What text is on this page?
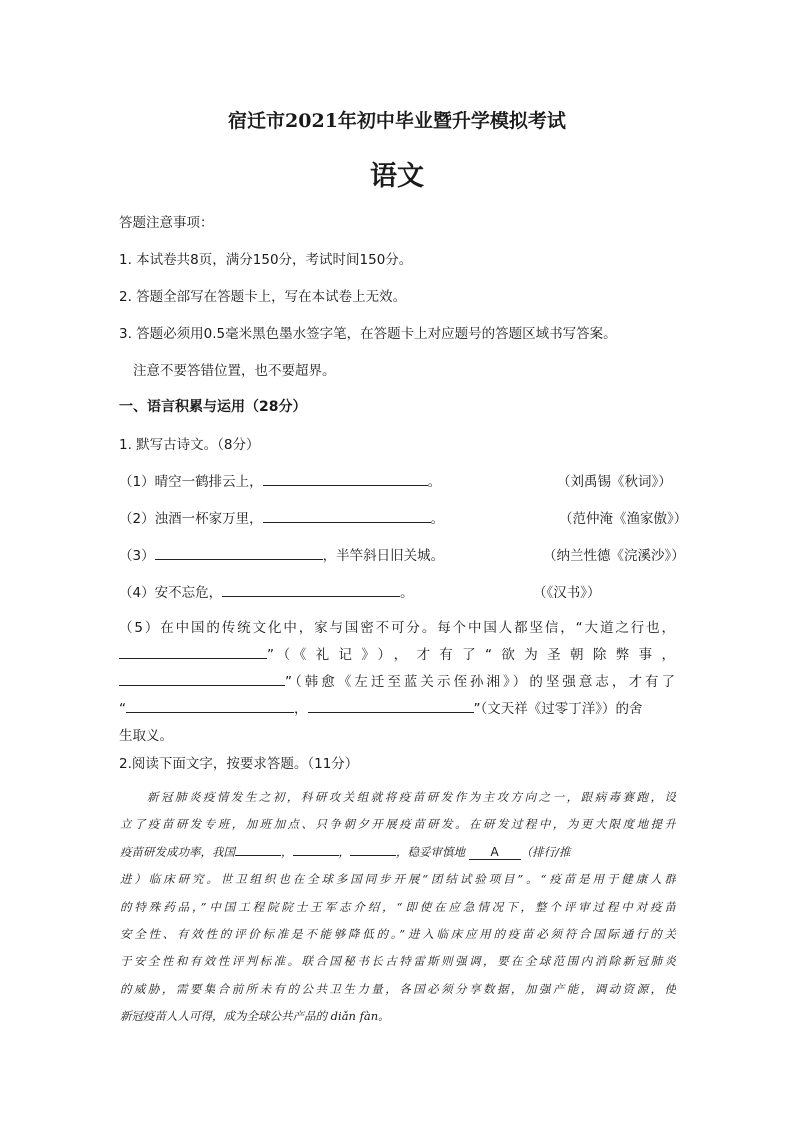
宿迁市2021年初中毕业暨升学模拟考试
语文
答题注意事项：
1. 本试卷共8页，满分150分，考试时间150分。
2. 答题全部写在答题卡上，写在本试卷上无效。
3. 答题必须用0.5毫米黑色墨水签字笔，在答题卡上对应题号的答题区域书写答案。
注意不要答错位置，也不要超界。
一、语言积累与运用（28分）
1. 默写古诗文。（8分）
（1）晴空一鹤排云上，	。	（刘禹锡《秋词》）
（2）浊酒一杯家万里，	。	（范仲淹《渔家傲》）
（3）	，半竿斜日旧关城。	（纳兰性德《浣溪沙》）
（4）安不忘危，	。	（《汉书》）
（5）在中国的传统文化中，家与国密不可分。每个中国人都坚信，“大道之行也，
”（《礼记》），才有了“欲为圣朝除弊事，
”（韩愈《左迁至蓝关示侄孙湘》）的坚强意志，才有了
“	，	”（文天祥《过零丁洋》）的舍
生取义。
2.阅读下面文字，按要求答题。（11分）
新冠肺炎疫情发生之初，科研攻关组就将疫苗研发作为主攻方向之一，跟病毒赛跑，设
立了疫苗研发专班，加班加点、只争朝夕开展疫苗研发。在研发过程中，为更大限度地提升
疫苗研发成功率，我国	，	，	，稳妥审慎地 A （排行/推
进）临床研究。世卫组织也在全球多国同步开展“团结试验项目”。“疫苗是用于健康人群
的特殊药品，”中国工程院院士王军志介绍，“即使在应急情况下，整个评审过程中对疫苗
安全性、有效性的评价标准是不能够降低的。”进入临床应用的疫苗必须符合国际通行的关
于安全性和有效性评判标准。联合国秘书长古特雷斯则强调，要在全球范围内消除新冠肺炎
的威胁，需要集合前所未有的公共卫生力量，各国必须分享数据，加强产能，调动资源，使
新冠疫苗人人可得，成为全球公共产品的 diǎn fàn。
